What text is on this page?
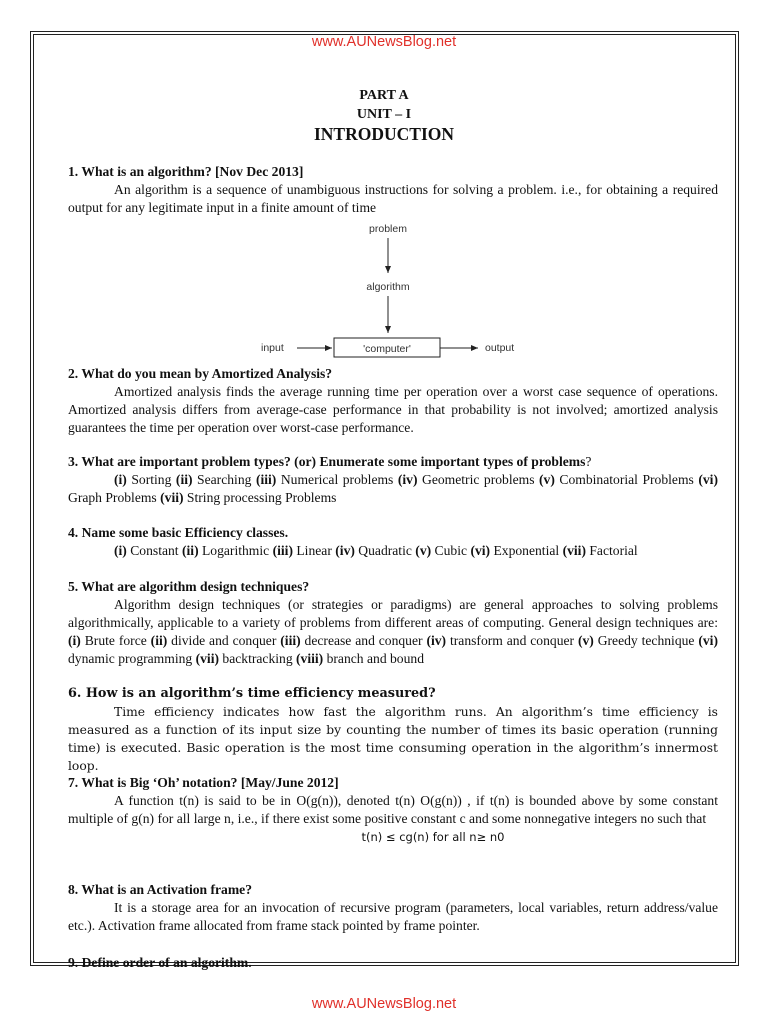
www.AUNewsBlog.net
PART A
UNIT – I
INTRODUCTION

1. What is an algorithm? [Nov Dec 2013]

An algorithm is a sequence of unambiguous instructions for solving a problem. i.e., for obtaining a required output for any legitimate input in a finite amount of time

problem
algorithm
input	'computer'	output

2. What do you mean by Amortized Analysis?

Amortized analysis finds the average running time per operation over a worst case sequence of operations. Amortized analysis differs from average-case performance in that probability is not involved; amortized analysis guarantees the time per operation over worst-case performance.

3. What are important problem types? (or) Enumerate some important types of problems?

(i) Sorting (ii) Searching (iii) Numerical problems (iv) Geometric problems (v) Combinatorial Problems (vi) Graph Problems (vii) String processing Problems

4. Name some basic Efficiency classes.

(i) Constant (ii) Logarithmic (iii) Linear (iv) Quadratic (v) Cubic (vi) Exponential (vii) Factorial

5. What are algorithm design techniques?

Algorithm design techniques (or strategies or paradigms) are general approaches to solving problems algorithmically, applicable to a variety of problems from different areas of computing. General design techniques are: (i) Brute force (ii) divide and conquer (iii) decrease and conquer (iv) transform and conquer (v) Greedy technique (vi) dynamic programming (vii) backtracking (viii) branch and bound

6. How is an algorithm’s time efficiency measured?

Time efficiency indicates how fast the algorithm runs. An algorithm’s time efficiency is measured as a function of its input size by counting the number of times its basic operation (running time) is executed. Basic operation is the most time consuming operation in the algorithm’s innermost loop.

7. What is Big ‘Oh’ notation? [May/June 2012]

A function t(n) is said to be in O(g(n)), denoted t(n) O(g(n)) , if t(n) is bounded above by some constant multiple of g(n) for all large n, i.e., if there exist some positive constant c and some nonnegative integers no such that

t(n) ≤ cg(n) for all n≥ n0

8. What is an Activation frame?

It is a storage area for an invocation of recursive program (parameters, local variables, return address/value etc.). Activation frame allocated from frame stack pointed by frame pointer.

9. Define order of an algorithm.

www.AUNewsBlog.net
